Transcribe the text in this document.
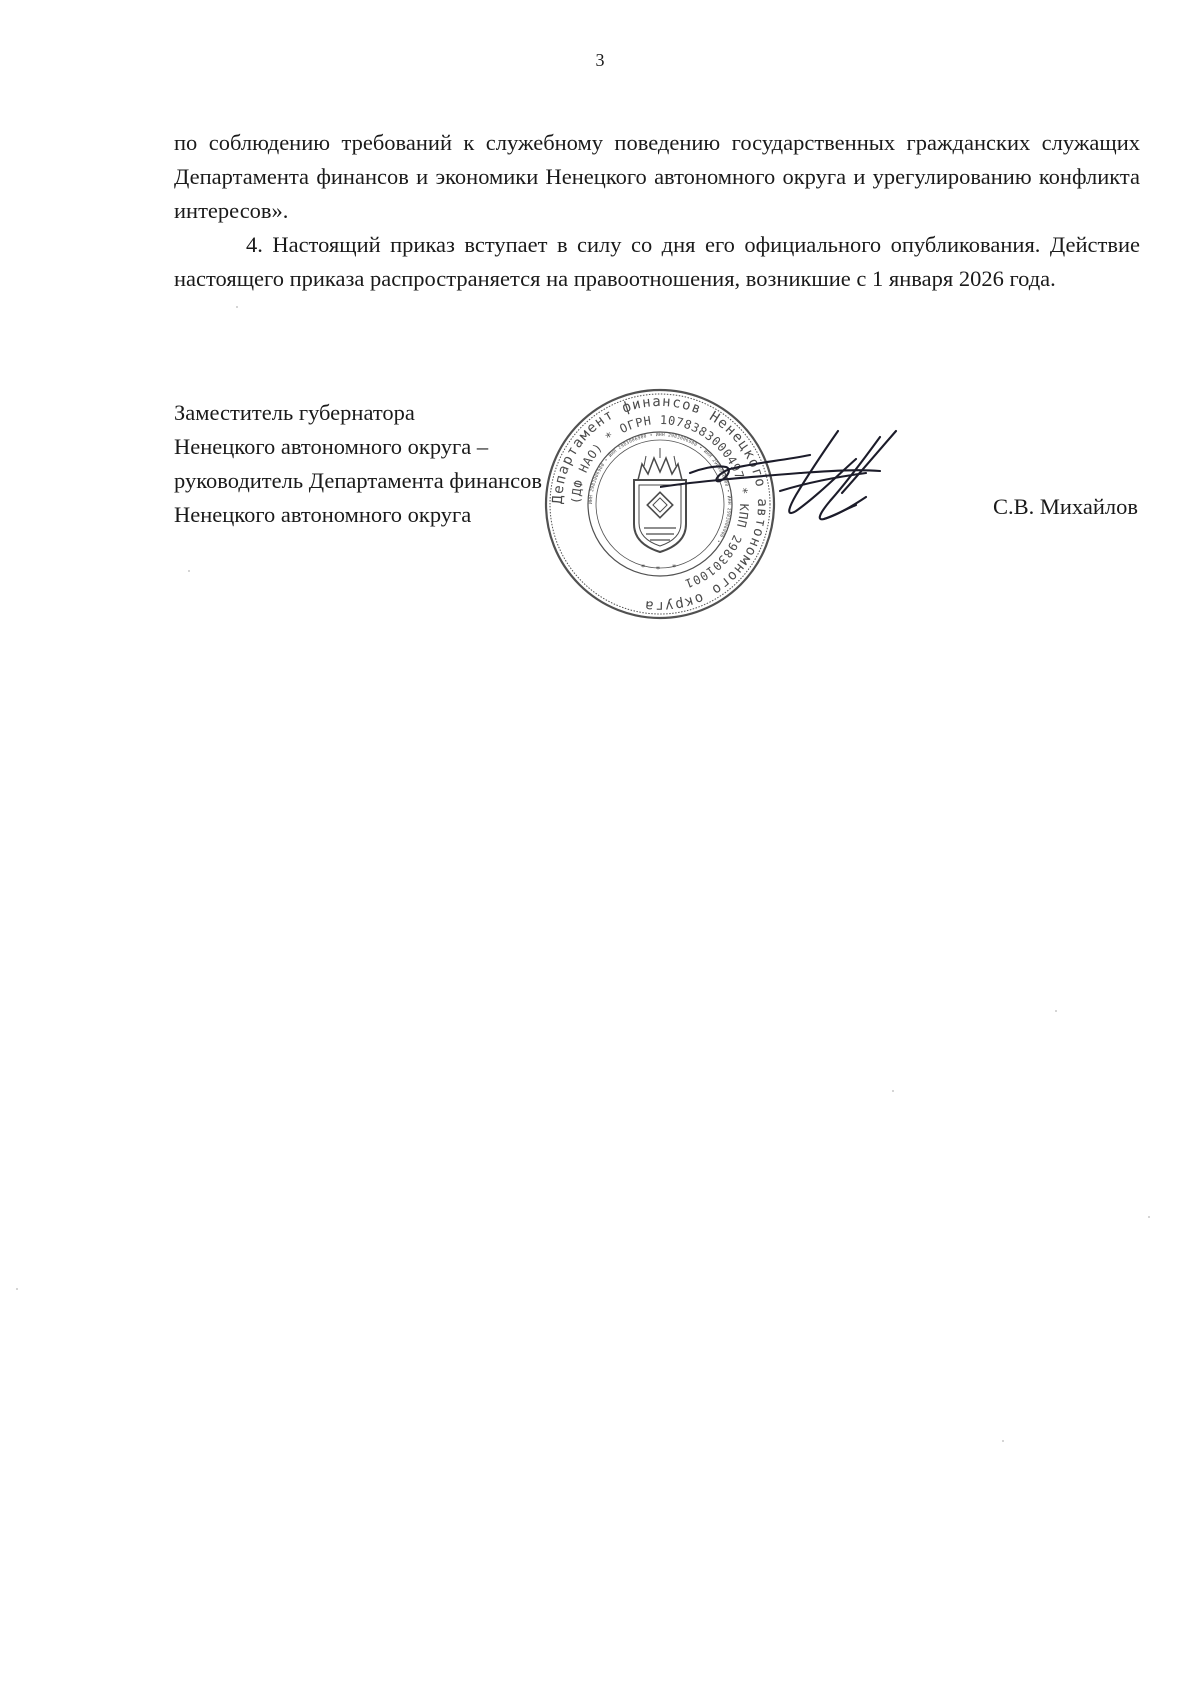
3

по соблюдению требований к служебному поведению государственных гражданских служащих Департамента финансов и экономики Ненецкого автономного округа и урегулированию конфликта интересов».

4. Настоящий приказ вступает в силу со дня его официального опубликования. Действие настоящего приказа распространяется на правоотношения, возникшие с 1 января 2026 года.

Заместитель губернатора
Ненецкого автономного округа –
руководитель Департамента финансов
Ненецкого автономного округа	С.В. Михайлов
Департамент финансов Ненецкого автономного округа
(ДФ НАО) * ОГРН 1078383000497 * КПП 298301001
ИНН 2983006900 • ИНН 2983006900 • ИНН 2983006900 • ИНН 2983006900 • ИНН 2983006900 •
* * *
